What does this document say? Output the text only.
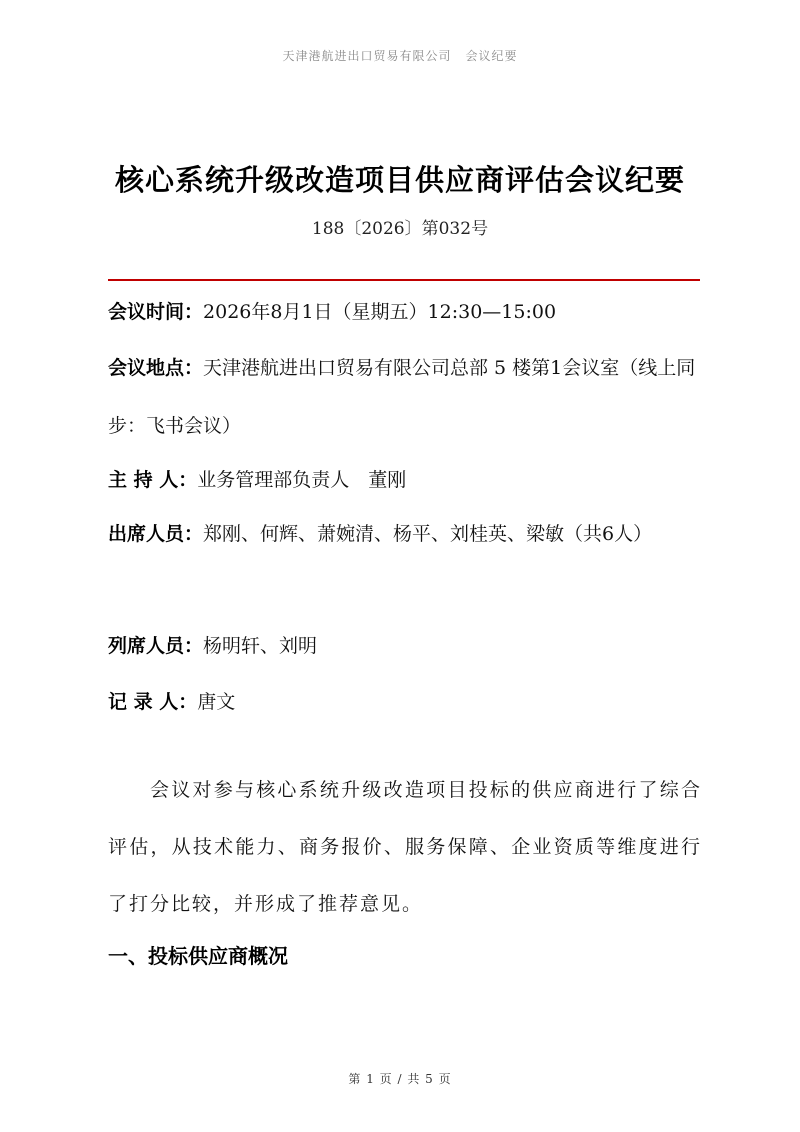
天津港航进出口贸易有限公司 会议纪要
核心系统升级改造项目供应商评估会议纪要
188〔2026〕第032号
会议时间：2026年8月1日（星期五）12:30—15:00
会议地点：天津港航进出口贸易有限公司总部 5 楼第1会议室（线上同步：飞书会议）
主 持 人：业务管理部负责人　董刚
出席人员：郑刚、何辉、萧婉清、杨平、刘桂英、梁敏（共6人）
列席人员：杨明轩、刘明
记 录 人：唐文
会议对参与核心系统升级改造项目投标的供应商进行了综合评估，从技术能力、商务报价、服务保障、企业资质等维度进行了打分比较，并形成了推荐意见。
一、投标供应商概况
第 1 页 / 共 5 页
